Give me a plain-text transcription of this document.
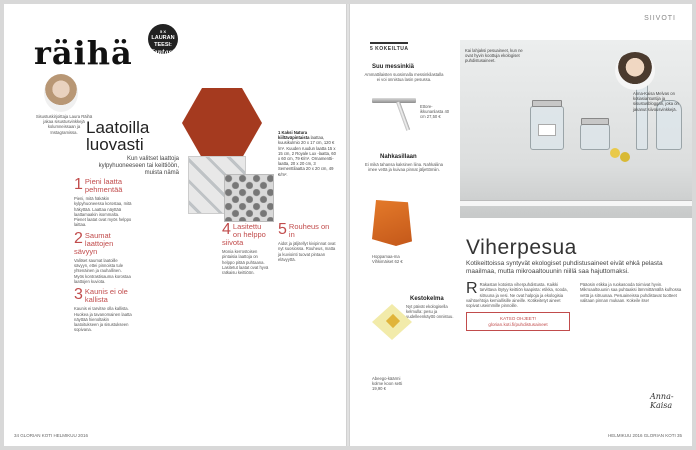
räihä
5 X
LAURAN
TEESI:
fantast
Sisustuskirjoittaja Laura Räihä jakaa sisustusvinkkejä kolumneissaan ja Instagramissa. Laatoilla luovasti
Kun valitset laattoja kylpyhuoneeseen tai keittiöön, muista nämä
1 Kaksi Natura kiiltäväpintaista laattaa, kuusikulmio 20 x 17 cm, 120 € /m². Kuuden ruudun laatta 15 x 15 cm, 2 Royale Lux -laatta, 60 x 60 cm, 79 €/m². Ornamentti-laatta, 20 x 20 cm, 3 Sementtilaatta 20 x 20 cm, 49 €/m².
1 Pieni laatta pehmentää
Pieni, mitä häkäkin kylpyhuoneessa korostaa, mitä häkyttää. Laattaa näyttää laattamaakin isommalta. Pienet laatat ovat myös helppo laittaa.
2 Saumat laattojen sävyyn
Valitset saumat laatoille sävyyn, ettei pinnoista tule yhtenäinen ja rauhallinen. Myös kontrastisauma korostaa laattojen kuviota.
3 Kaunis ei ole kallista
Kaunis ei tarvitse olla kallista. Huokea ja tavanomainen laatta näyttää hienoltakin laatoitukseen ja sisustukseen sopivana.
4 Lasitettu on helppo siivota
Monia kerrostoisen pintaisia laattoja on helppo pitää puhtaana. Lasitetut laatat ovat hyvä ratkaisu keittiöön.
5 Rouheus on in
Aidot ja jäljitellyt kivipinnat ovat nyt suosiossa. Rouheus, matta ja kuviointi tuovat pintaan elävyyttä.
34 GLORIAN KOTI HELMIKUU 2016
5 KOKEILTUA
Suu messinkiä
Ammattilaisten suosimalla messinkilastalla ei voi onnistua lasin pesussa.
Ettore-ikkunanlasta 40 cm 27,50 €
Nahkasillaan
Ei mikä tahansa kaksinen liina. Nahkaliina imee vettä ja kuivaa pinnat jäljettömiin.
Hoppamaa-ma Vihkimäiset 62 €
Kestokelma
Nyt päivät ekologisella kelmulla: pesu ja uudelleenkäyttö onnistuu.
Abeego-käärmi kolme koon setti 19,90 €
SIIVOTI
Kai lahjaksi pesuaineet, kun ne ovat hyvin koottuja ekologiset puhdistusaineet.
Anna-Kaisa Melvas on kotiasiantuntija ja sisustusbloggari, joka on jakanut siivousvinkkejä.
Viherpesua
Kotikeittoissa syntyvät ekologiset puhdistusaineet eivät ehkä pelasta maailmaa, mutta mikroaaltouunin niillä saa hajuttomaksi.
R Rakastan kotoista viherpuhdistusta. Kaikki tarvittava löytyy keittiön kaapista: etikka, sooda, sitruuna ja vesi. Ne ovat halpoja ja ekologisia vaihtoehtoja kemiallisille aineille. Kotikeitetyt aineet sopivat useimmille pinnoille.
KATSO OHJEET! glorian.koti.fi/puhdistusaineet
Pääosin etikka ja ruokasooda toimivat hyvin. Mikroaaltouunin saa puhtaaksi lämmittämällä kulhossa vettä ja sitruunaa. Pesuaineissa puhdistavat tuotteet valitaan pinnan mukaan. Kokeile itse!
Anna-Kaisa
HELMIKUU 2016 GLORIAN KOTI 35
